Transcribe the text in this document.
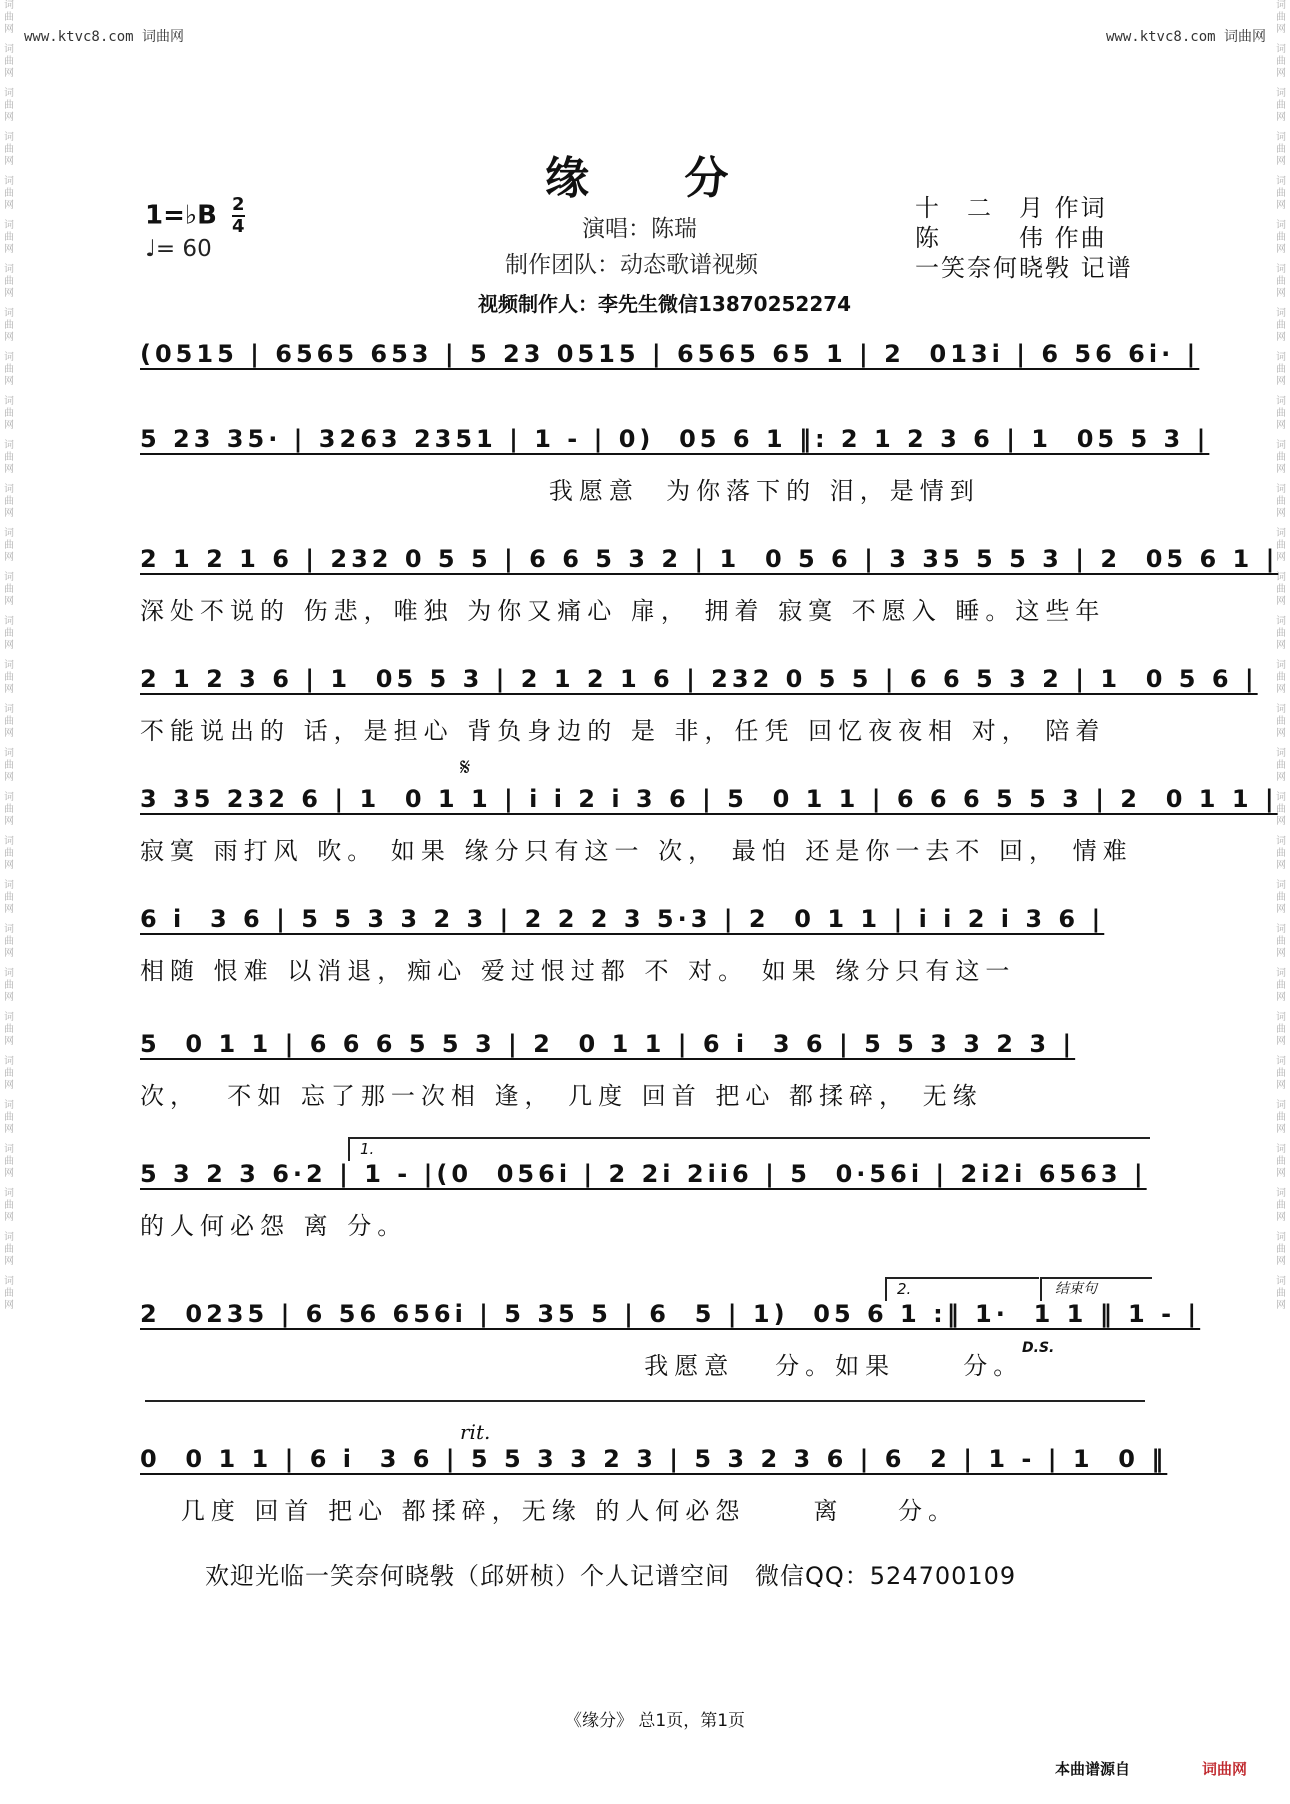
词曲网
词曲网
词曲网
词曲网
词曲网
词曲网
词曲网
词曲网
词曲网
词曲网
词曲网
词曲网
词曲网
词曲网
词曲网
词曲网
词曲网
词曲网
词曲网
词曲网
词曲网
词曲网
词曲网
词曲网
词曲网
词曲网
词曲网
词曲网
词曲网
词曲网
词曲网
词曲网
词曲网
词曲网
词曲网
词曲网
词曲网
词曲网
词曲网
词曲网
词曲网
词曲网
词曲网
词曲网
词曲网
词曲网
词曲网
词曲网
词曲网
词曲网
词曲网
词曲网
词曲网
词曲网
词曲网
词曲网
词曲网
词曲网
词曲网
词曲网
www.ktvc8.com 词曲网	www.ktvc8.com 词曲网
缘 分
1=♭B $\frac{2}{4}$
♩= 60
演唱：陈瑞
制作团队：动态歌谱视频
视频制作人：李先生微信13870252274
十　二　月 作词
陈　　　伟 作曲
一笑奈何晓斅 记谱
(0515 | 6565 653 | 5 23 0515 | 6565 65 1 | 2  013i | 6 56 6i· |
5 23 35· | 3263 2351 | 1 - | 0)  05 6 1 ‖: 2 1 2 3 6 | 1  05 5 3 |
我愿意  为你落下的 泪，是情到
2 1 2 1 6 | 232 0 5 5 | 6 6 5 3 2 | 1  0 5 6 | 3 35 5 5 3 | 2  05 6 1 |
深处不说的 伤悲，唯独 为你又痛心 扉， 拥着 寂寞 不愿入 睡。这些年
2 1 2 3 6 | 1  05 5 3 | 2 1 2 1 6 | 232 0 5 5 | 6 6 5 3 2 | 1  0 5 6 |
不能说出的 话，是担心 背负身边的 是 非，任凭 回忆夜夜相 对， 陪着
3 35 232 6 | 1  0 1 1 | i i 2 i 3 6 | 5  0 1 1 | 6 6 6 5 5 3 | 2  0 1 1 |
寂寞 雨打风 吹。 如果 缘分只有这一 次， 最怕 还是你一去不 回， 情难
6 i  3 6 | 5 5 3 3 2 3 | 2 2 2 3 5·3 | 2  0 1 1 | i i 2 i 3 6 |
相随 恨难 以消退，痴心 爱过恨过都 不 对。 如果 缘分只有这一
5  0 1 1 | 6 6 6 5 5 3 | 2  0 1 1 | 6 i  3 6 | 5 5 3 3 2 3 |
次，  不如 忘了那一次相 逢， 几度 回首 把心 都揉碎， 无缘
5 3 2 3 6·2 | 1 - |(0  056i | 2 2i 2ii6 | 5  0·56i | 2i2i 6563 |
的人何必怨 离 分。
2  0235 | 6 56 656i | 5 35 5 | 6  5 | 1)  05 6 1 :‖ 1·  1 1 ‖ 1 - |
我愿意   分。如果     分。
0  0 1 1 | 6 i  3 6 | 5 5 3 3 2 3 | 5 3 2 3 6 | 6  2 | 1 - | 1  0 ‖
几度 回首 把心 都揉碎，无缘 的人何必怨     离    分。
𝄋
1.
2.	结束句
D.S.
rit.
欢迎光临一笑奈何晓斅（邱妍桢）个人记谱空间　微信QQ：524700109
《缘分》 总1页，第1页
本曲谱源自	词曲网
